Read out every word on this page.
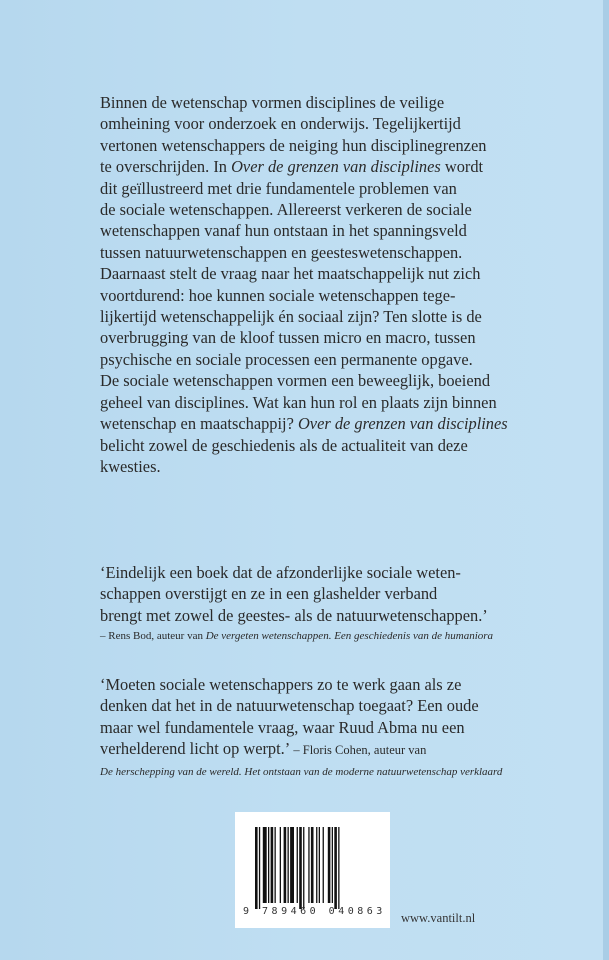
Binnen de wetenschap vormen disciplines de veilige
omheining voor onderzoek en onderwijs. Tegelijkertijd
vertonen wetenschappers de neiging hun disciplinegrenzen
te overschrijden. In Over de grenzen van disciplines wordt
dit geïllustreerd met drie fundamentele problemen van
de sociale wetenschappen. Allereerst verkeren de sociale
wetenschappen vanaf hun ontstaan in het spanningsveld
tussen natuurwetenschappen en geesteswetenschappen.
Daarnaast stelt de vraag naar het maatschappelijk nut zich
voortdurend: hoe kunnen sociale wetenschappen tege-
lijkertijd wetenschappelijk én sociaal zijn? Ten slotte is de
overbrugging van de kloof tussen micro en macro, tussen
psychische en sociale processen een permanente opgave.
De sociale wetenschappen vormen een beweeglijk, boeiend
geheel van disciplines. Wat kan hun rol en plaats zijn binnen
wetenschap en maatschappij? Over de grenzen van disciplines
belicht zowel de geschiedenis als de actualiteit van deze
kwesties.
‘Eindelijk een boek dat de afzonderlijke sociale weten-
schappen overstijgt en ze in een glashelder verband
brengt met zowel de geestes- als de natuurwetenschappen.’
– Rens Bod, auteur van De vergeten wetenschappen. Een geschiedenis van de humaniora
‘Moeten sociale wetenschappers zo te werk gaan als ze
denken dat het in de natuurwetenschap toegaat? Een oude
maar wel fundamentele vraag, waar Ruud Abma nu een
verhelderend licht op werpt.’ – Floris Cohen, auteur van
De herschepping van de wereld. Het ontstaan van de moderne natuurwetenschap verklaard
9 789460 040863 www.vantilt.nl
